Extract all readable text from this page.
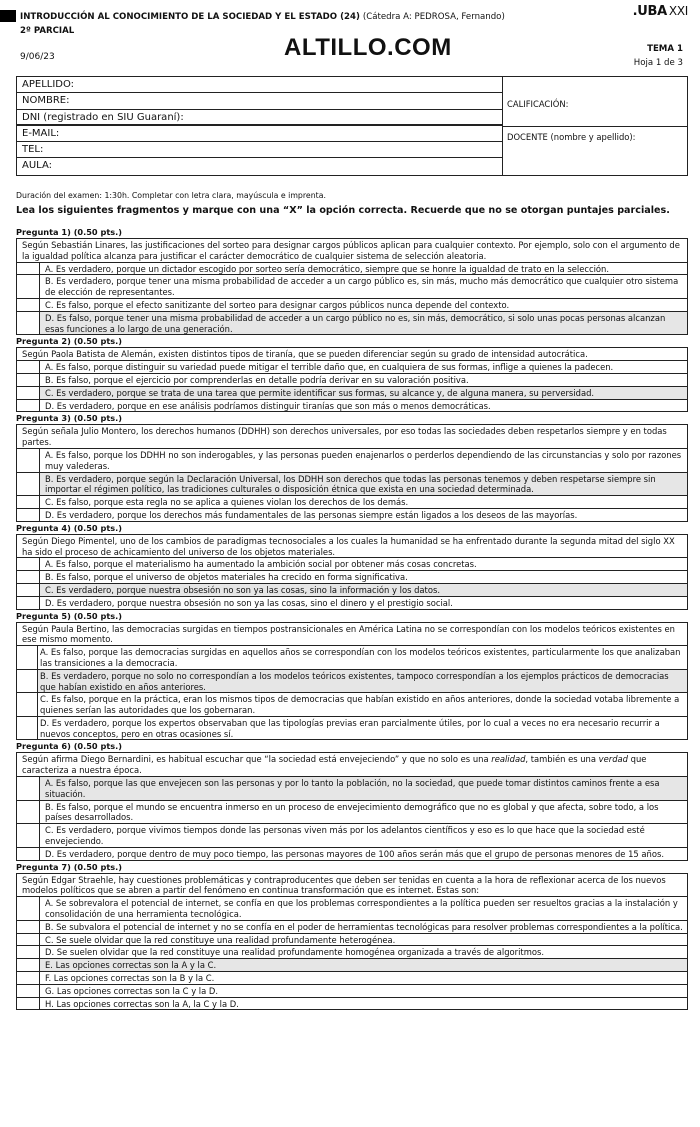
INTRODUCCIÓN AL CONOCIMIENTO DE LA SOCIEDAD Y EL ESTADO (24) (Cátedra A: PEDROSA, Fernando)
2º PARCIAL
.UBA XXI
9/06/23	ALTILLO.COM	TEMA 1
Hoja 1 de 3
APELLIDO:
NOMBRE:
DNI (registrado en SIU Guaraní):
E-MAIL:
TEL:
AULA:
CALIFICACIÓN:
DOCENTE (nombre y apellido):
Duración del examen: 1:30h. Completar con letra clara, mayúscula e imprenta.
Lea los siguientes fragmentos y marque con una “X” la opción correcta. Recuerde que no se otorgan puntajes parciales.
Pregunta 1) (0.50 pts.)
Según Sebastián Linares, las justificaciones del sorteo para designar cargos públicos aplican para cualquier contexto. Por ejemplo, solo con el argumento de la igualdad política alcanza para justificar el carácter democrático de cualquier sistema de selección aleatoria.
A. Es verdadero, porque un dictador escogido por sorteo sería democrático, siempre que se honre la igualdad de trato en la selección.
B. Es verdadero, porque tener una misma probabilidad de acceder a un cargo público es, sin más, mucho más democrático que cualquier otro sistema de elección de representantes.
C. Es falso, porque el efecto sanitizante del sorteo para designar cargos públicos nunca depende del contexto.
D. Es falso, porque tener una misma probabilidad de acceder a un cargo público no es, sin más, democrático, si solo unas pocas personas alcanzan esas funciones a lo largo de una generación.
Pregunta 2) (0.50 pts.)
Según Paola Batista de Alemán, existen distintos tipos de tiranía, que se pueden diferenciar según su grado de intensidad autocrática.
A. Es falso, porque distinguir su variedad puede mitigar el terrible daño que, en cualquiera de sus formas, inflige a quienes la padecen.
B. Es falso, porque el ejercicio por comprenderlas en detalle podría derivar en su valoración positiva.
C. Es verdadero, porque se trata de una tarea que permite identificar sus formas, su alcance y, de alguna manera, su perversidad.
D. Es verdadero, porque en ese análisis podríamos distinguir tiranías que son más o menos democráticas.
Pregunta 3) (0.50 pts.)
Según señala Julio Montero, los derechos humanos (DDHH) son derechos universales, por eso todas las sociedades deben respetarlos siempre y en todas partes.
A. Es falso, porque los DDHH no son inderogables, y las personas pueden enajenarlos o perderlos dependiendo de las circunstancias y solo por razones muy valederas.
B. Es verdadero, porque según la Declaración Universal, los DDHH son derechos que todas las personas tenemos y deben respetarse siempre sin importar el régimen político, las tradiciones culturales o disposición étnica que exista en una sociedad determinada.
C. Es falso, porque esta regla no se aplica a quienes violan los derechos de los demás.
D. Es verdadero, porque los derechos más fundamentales de las personas siempre están ligados a los deseos de las mayorías.
Pregunta 4) (0.50 pts.)
Según Diego Pimentel, uno de los cambios de paradigmas tecnosociales a los cuales la humanidad se ha enfrentado durante la segunda mitad del siglo XX ha sido el proceso de achicamiento del universo de los objetos materiales.
A. Es falso, porque el materialismo ha aumentado la ambición social por obtener más cosas concretas.
B. Es falso, porque el universo de objetos materiales ha crecido en forma significativa.
C. Es verdadero, porque nuestra obsesión no son ya las cosas, sino la información y los datos.
D. Es verdadero, porque nuestra obsesión no son ya las cosas, sino el dinero y el prestigio social.
Pregunta 5) (0.50 pts.)
Según Paula Bertino, las democracias surgidas en tiempos postransicionales en América Latina no se correspondían con los modelos teóricos existentes en ese mismo momento.
A. Es falso, porque las democracias surgidas en aquellos años se correspondían con los modelos teóricos existentes, particularmente los que analizaban las transiciones a la democracia.
B. Es verdadero, porque no solo no correspondían a los modelos teóricos existentes, tampoco correspondían a los ejemplos prácticos de democracias que habían existido en años anteriores.
C. Es falso, porque en la práctica, eran los mismos tipos de democracias que habían existido en años anteriores, donde la sociedad votaba libremente a quienes serían las autoridades que los gobernaran.
D. Es verdadero, porque los expertos observaban que las tipologías previas eran parcialmente útiles, por lo cual a veces no era necesario recurrir a nuevos conceptos, pero en otras ocasiones sí.
Pregunta 6) (0.50 pts.)
Según afirma Diego Bernardini, es habitual escuchar que “la sociedad está envejeciendo” y que no solo es una realidad, también es una verdad que caracteriza a nuestra época.
A. Es falso, porque las que envejecen son las personas y por lo tanto la población, no la sociedad, que puede tomar distintos caminos frente a esa situación.
B. Es falso, porque el mundo se encuentra inmerso en un proceso de envejecimiento demográfico que no es global y que afecta, sobre todo, a los países desarrollados.
C. Es verdadero, porque vivimos tiempos donde las personas viven más por los adelantos científicos y eso es lo que hace que la sociedad esté envejeciendo.
D. Es verdadero, porque dentro de muy poco tiempo, las personas mayores de 100 años serán más que el grupo de personas menores de 15 años.
Pregunta 7) (0.50 pts.)
Según Edgar Straehle, hay cuestiones problemáticas y contraproducentes que deben ser tenidas en cuenta a la hora de reflexionar acerca de los nuevos modelos políticos que se abren a partir del fenómeno en continua transformación que es internet. Estas son:
A. Se sobrevalora el potencial de internet, se confía en que los problemas correspondientes a la política pueden ser resueltos gracias a la instalación y consolidación de una herramienta tecnológica.
B. Se subvalora el potencial de internet y no se confía en el poder de herramientas tecnológicas para resolver problemas correspondientes a la política.
C. Se suele olvidar que la red constituye una realidad profundamente heterogénea.
D. Se suelen olvidar que la red constituye una realidad profundamente homogénea organizada a través de algoritmos.
E. Las opciones correctas son la A y la C.
F. Las opciones correctas son la B y la C.
G. Las opciones correctas son la C y la D.
H. Las opciones correctas son la A, la C y la D.
